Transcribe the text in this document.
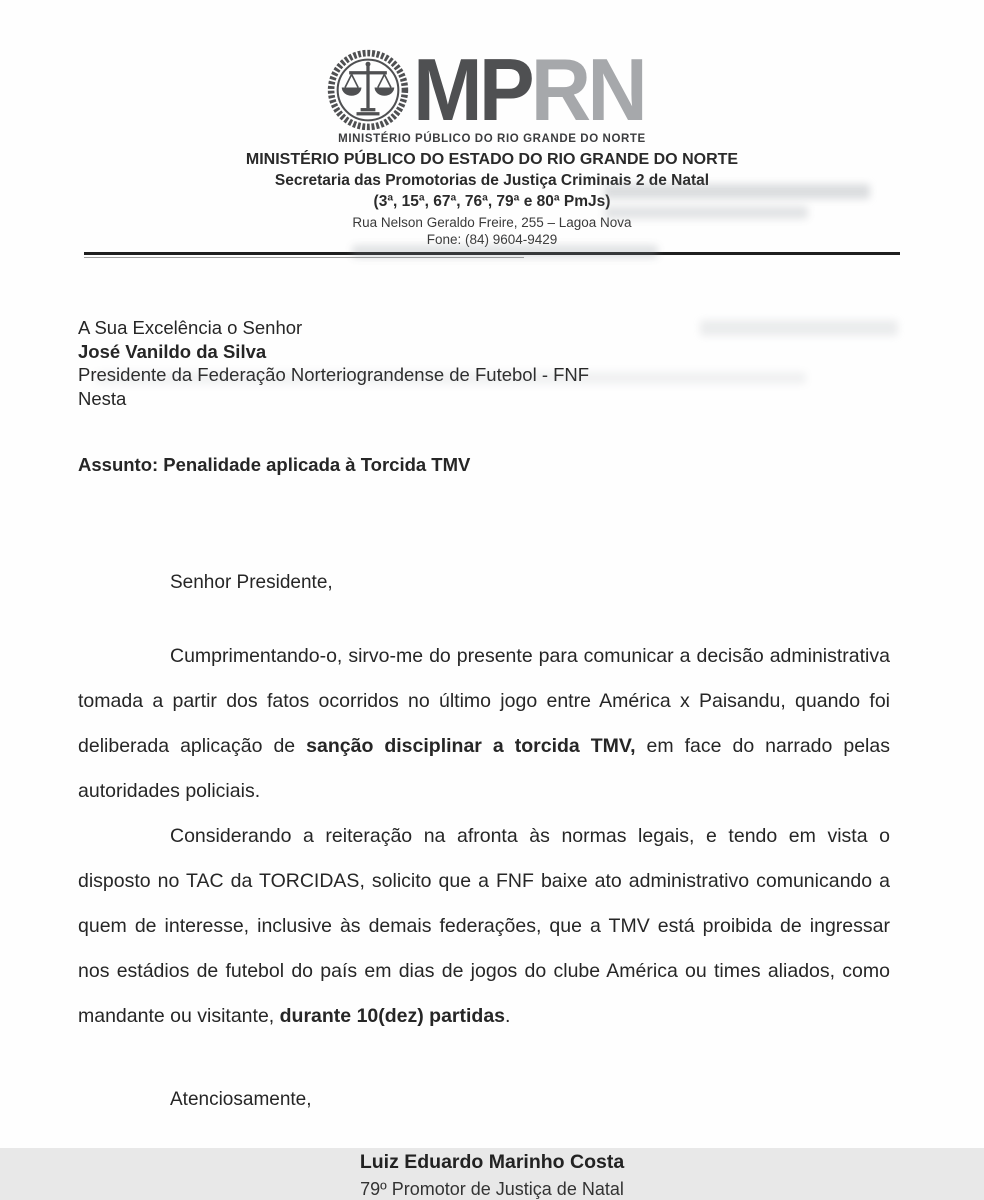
MPRN
MINISTÉRIO PÚBLICO DO RIO GRANDE DO NORTE
MINISTÉRIO PÚBLICO DO ESTADO DO RIO GRANDE DO NORTE
Secretaria das Promotorias de Justiça Criminais 2 de Natal
(3ª, 15ª, 67ª, 76ª, 79ª e 80ª PmJs)
Rua Nelson Geraldo Freire, 255 – Lagoa Nova
Fone: (84) 9604-9429
A Sua Excelência o Senhor
José Vanildo da Silva
Presidente da Federação Norteriograndense de Futebol - FNF
Nesta
Assunto: Penalidade aplicada à Torcida TMV
Senhor Presidente,

Cumprimentando-o, sirvo-me do presente para comunicar a decisão administrativa tomada a partir dos fatos ocorridos no último jogo entre América x Paisandu, quando foi deliberada aplicação de sanção disciplinar a torcida TMV, em face do narrado pelas autoridades policiais.

Considerando a reiteração na afronta às normas legais, e tendo em vista o disposto no TAC da TORCIDAS, solicito que a FNF baixe ato administrativo comunicando a quem de interesse, inclusive às demais federações, que a TMV está proibida de ingressar nos estádios de futebol do país em dias de jogos do clube América ou times aliados, como mandante ou visitante, durante 10(dez) partidas.

Atenciosamente,
Luiz Eduardo Marinho Costa
79º Promotor de Justiça de Natal
